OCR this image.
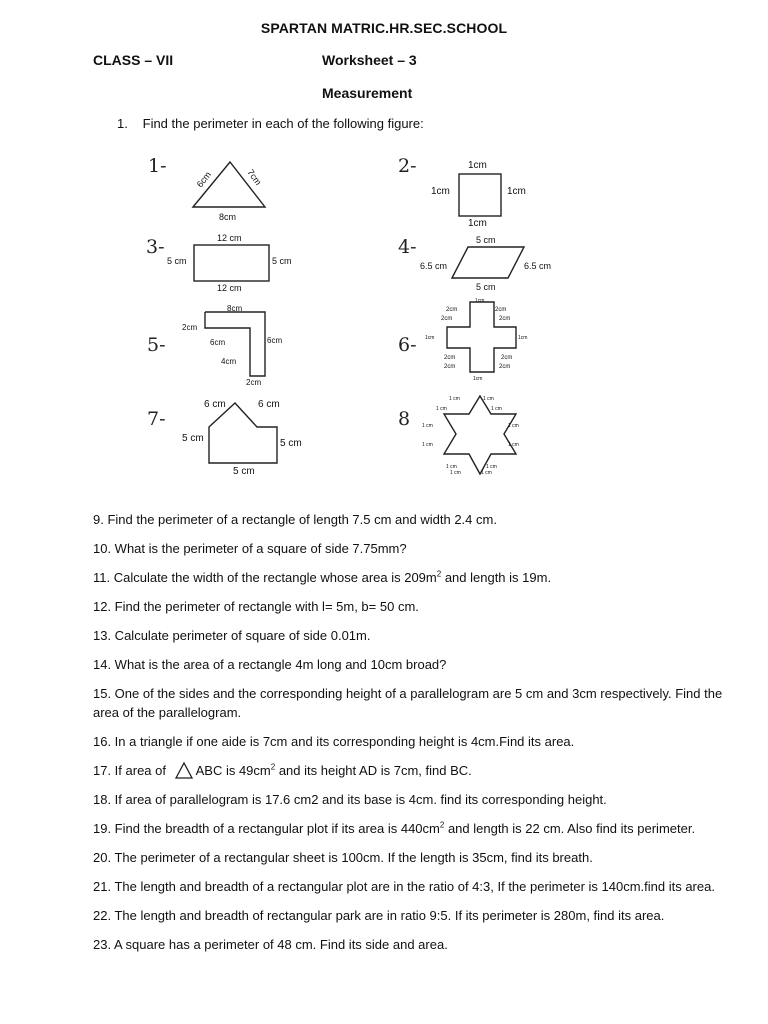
SPARTAN MATRIC.HR.SEC.SCHOOL
CLASS – VII	Worksheet – 3
Measurement
1. Find the perimeter in each of the following figure:
1-
6cm	7cm
8cm
2-	1cm
1cm	1cm
1cm
3-	12 cm
5 cm	5 cm
12 cm
4-	5 cm
6.5 cm	6.5 cm
5 cm
5-
8cm
2cm
6cm	6cm
4cm
2cm
6-
1cm
2cm
2cm
2cm
2cm
1cm	1cm
2cm
2cm
2cm
2cm
1cm
7-
6 cm	6 cm
5 cm	5 cm
5 cm
8
1 cm
1 cm
1 cm
1 cm
1 cm	1 cm
1 cm	1 cm
1 cm	1 cm
1 cm	1 cm
9. Find the perimeter of a rectangle of length 7.5 cm and width 2.4 cm.
10. What is the perimeter of a square of side 7.75mm?
11. Calculate the width of the rectangle whose area is $209m^2$ and length is 19m.
12. Find the perimeter of rectangle with l= 5m, b= 50 cm.
13. Calculate perimeter of square of side 0.01m.
14. What is the area of a rectangle 4m long and 10cm broad?
15. One of the sides and the corresponding height of a parallelogram are 5 cm and 3cm respectively. Find the area of the parallelogram.
16. In a triangle if one aide is 7cm and its corresponding height is 4cm.Find its area.
17. If area of ABC is $49cm^2$ and its height AD is 7cm, find BC.
18. If area of parallelogram is 17.6 cm2 and its base is 4cm. find its corresponding height.
19. Find the breadth of a rectangular plot if its area is $440cm^2$ and length is 22 cm. Also find its perimeter.
20. The perimeter of a rectangular sheet is 100cm. If the length is 35cm, find its breath.
21. The length and breadth of a rectangular plot are in the ratio of 4:3, If the perimeter is 140cm.find its area.
22. The length and breadth of rectangular park are in ratio 9:5. If its perimeter is 280m, find its area.
23. A square has a perimeter of 48 cm. Find its side and area.
